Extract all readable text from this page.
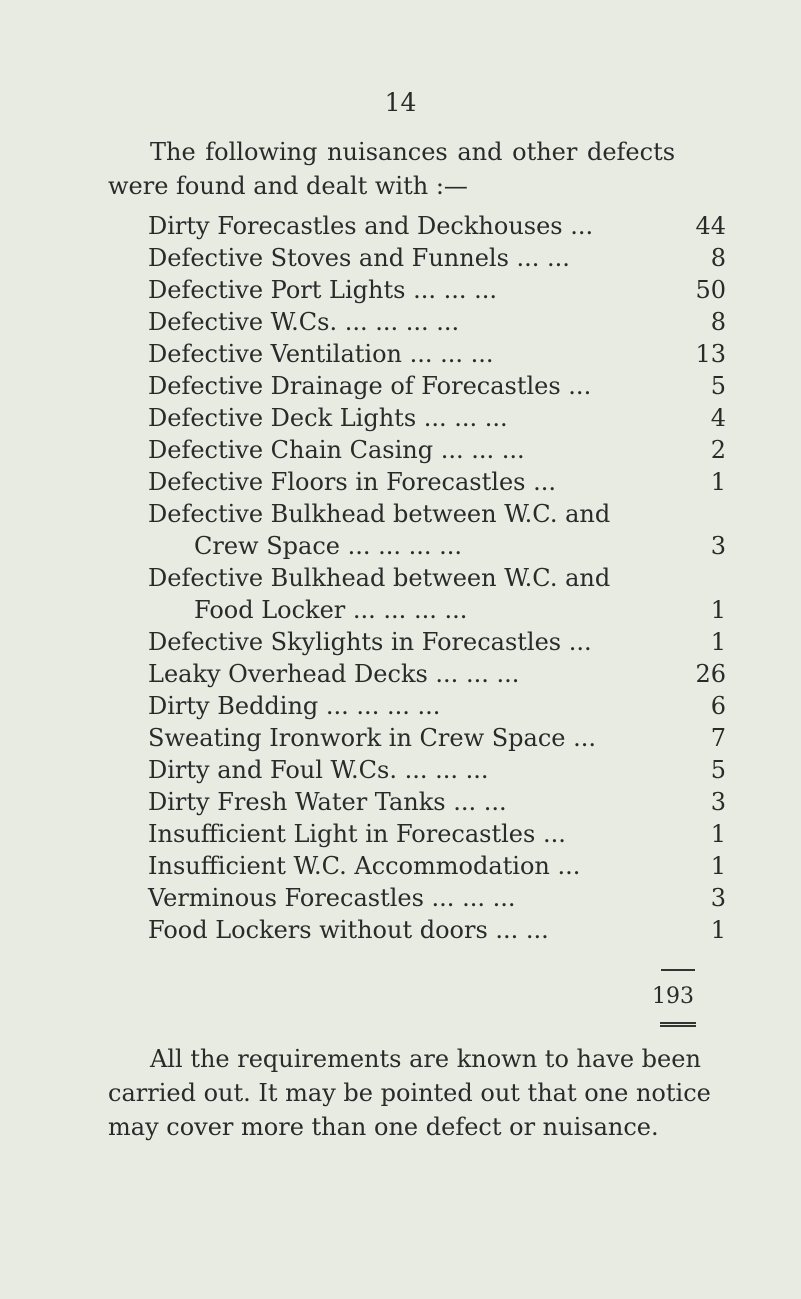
14
The following nuisances and other defects
were found and dealt with :—
Dirty Forecastles and Deckhouses ...	44
Defective Stoves and Funnels ... ...	8
Defective Port Lights ... ... ...	50
Defective W.Cs. ... ... ... ...	8
Defective Ventilation ... ... ...	13
Defective Drainage of Forecastles ...	5
Defective Deck Lights ... ... ...	4
Defective Chain Casing ... ... ...	2
Defective Floors in Forecastles ...	1
Defective Bulkhead between W.C. and
Crew Space ... ... ... ...	3
Defective Bulkhead between W.C. and
Food Locker ... ... ... ...	1
Defective Skylights in Forecastles ...	1
Leaky Overhead Decks ... ... ...	26
Dirty Bedding ... ... ... ...	6
Sweating Ironwork in Crew Space ...	7
Dirty and Foul W.Cs. ... ... ...	5
Dirty Fresh Water Tanks ... ...	3
Insufficient Light in Forecastles ...	1
Insufficient W.C. Accommodation ...	1
Verminous Forecastles ... ... ...	3
Food Lockers without doors ... ...	1
193
All the requirements are known to have been
carried out. It may be pointed out that one notice
may cover more than one defect or nuisance.
